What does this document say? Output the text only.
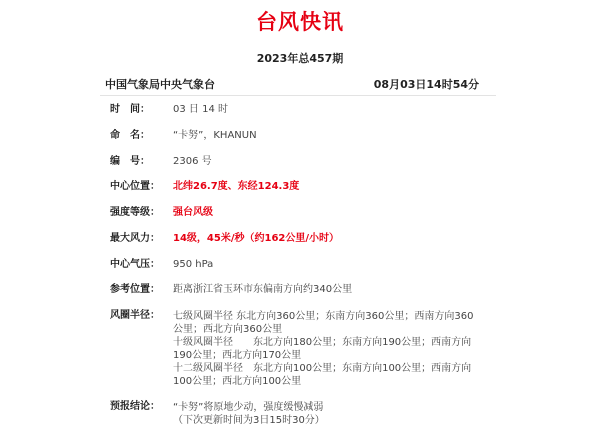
台风快讯
2023年总457期
中国气象局中央气象台	08月03日14时54分
时　间： 03 日 14 时
命　名： “卡努”，KHANUN
编　号： 2306 号
中心位置： 北纬26.7度、东经124.3度
强度等级： 强台风级
最大风力： 14级，45米/秒（约162公里/小时）
中心气压： 950 hPa
参考位置： 距离浙江省玉环市东偏南方向约340公里
风圈半径： 七级风圈半径 东北方向360公里；东南方向360公里；西南方向360
公里；西北方向360公里
十级风圈半径　　东北方向180公里；东南方向190公里；西南方向
190公里；西北方向170公里
十二级风圈半径　东北方向100公里；东南方向100公里；西南方向
100公里；西北方向100公里
预报结论： “卡努”将原地少动，强度缓慢减弱
（下次更新时间为3日15时30分）
